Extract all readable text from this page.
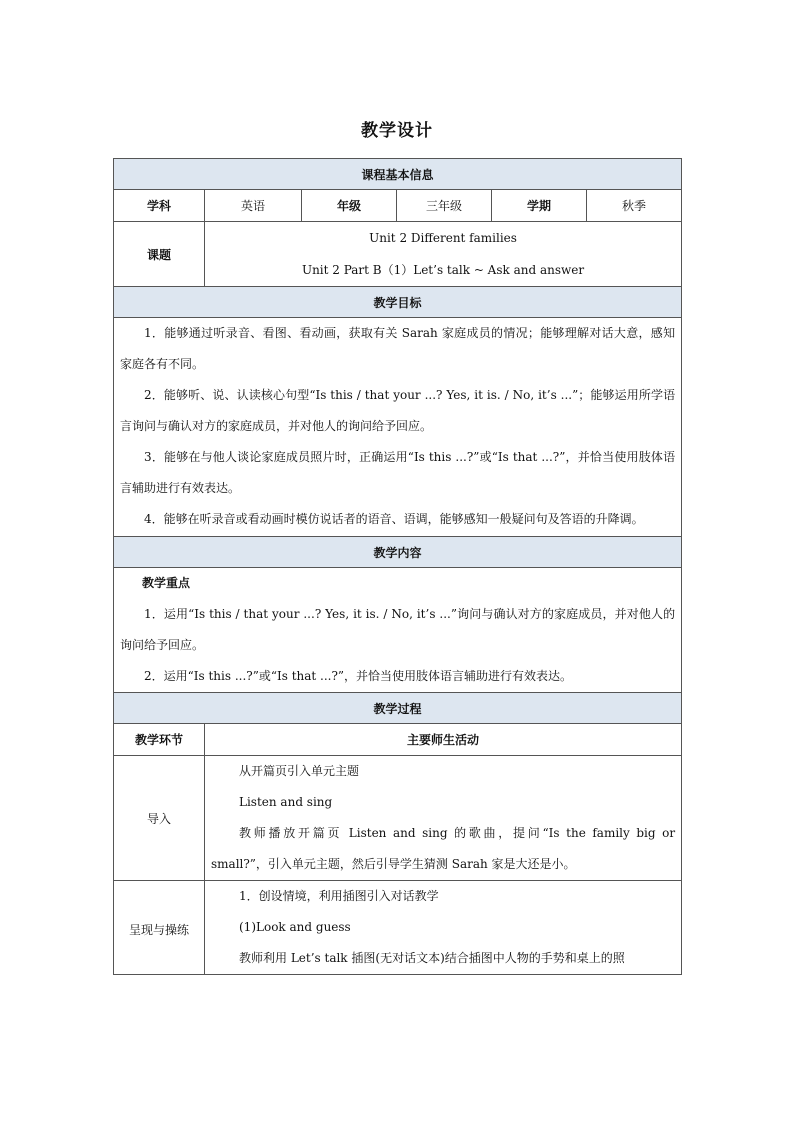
教学设计
课程基本信息					
学科	英语	年级	三年级	学期	秋季
课题	Unit 2 Different families
Unit 2 Part B（1）Let’s talk ~ Ask and answer				

教学目标					

1．能够通过听录音、看图、看动画，获取有关 Sarah 家庭成员的情况；能够理解对话大意，感知家庭各有不同。
2．能够听、说、认读核心句型“Is this / that your ...? Yes, it is. / No, it’s ...”；能够运用所学语言询问与确认对方的家庭成员，并对他人的询问给予回应。
3．能够在与他人谈论家庭成员照片时，正确运用“Is this ...?”或“Is that ...?”，并恰当使用肢体语言辅助进行有效表达。
4．能够在听录音或看动画时模仿说话者的语音、语调，能够感知一般疑问句及答语的升降调。					

教学内容					

教学重点
1．运用“Is this / that your ...? Yes, it is. / No, it’s ...”询问与确认对方的家庭成员，并对他人的询问给予回应。
2．运用“Is this ...?”或“Is that ...?”，并恰当使用肢体语言辅助进行有效表达。					

教学过程					
教学环节	主要师生活动				
导入	从开篇页引入单元主题
Listen and sing
教师播放开篇页 Listen and sing 的歌曲，提问“Is the family big or small?”，引入单元主题，然后引导学生猜测 Sarah 家是大还是小。				

呈现与操练	1．创设情境，利用插图引入对话教学
(1)Look and guess
教师利用 Let’s talk 插图(无对话文本)结合插图中人物的手势和桌上的照				
